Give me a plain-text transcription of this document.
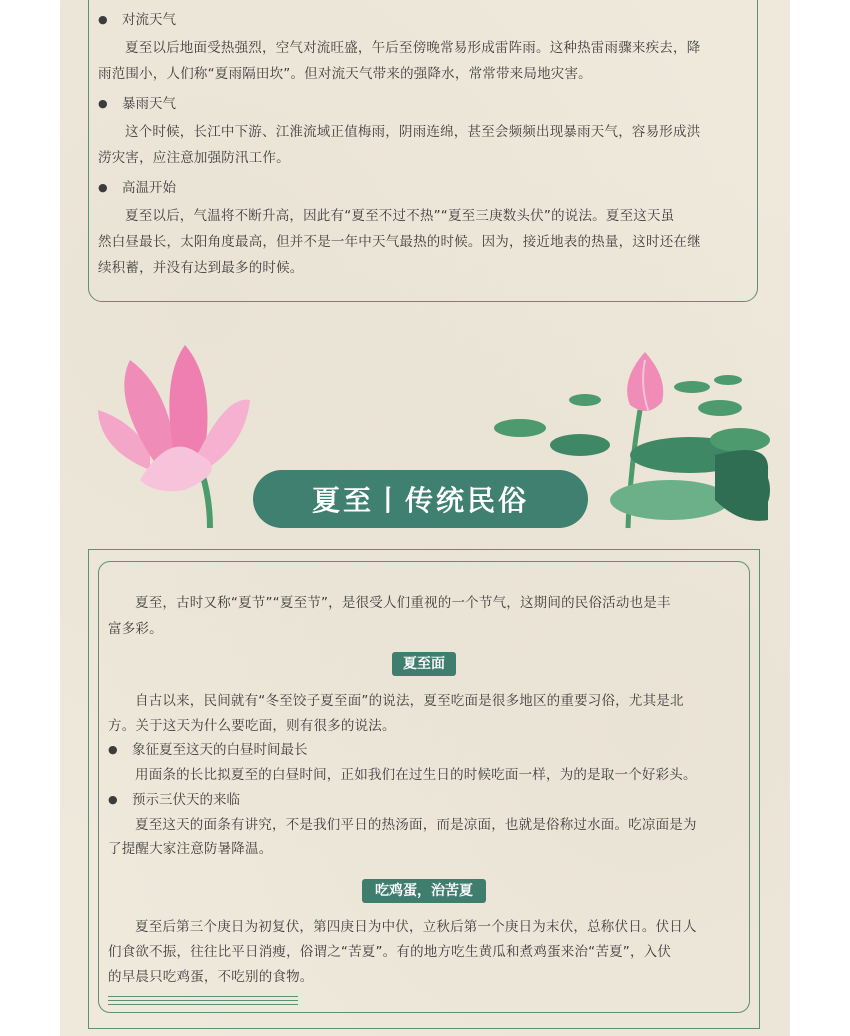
● 对流天气

夏至以后地面受热强烈，空气对流旺盛，午后至傍晚常易形成雷阵雨。这种热雷雨骤来疾去，降

雨范围小，人们称“夏雨隔田坎”。但对流天气带来的强降水，常常带来局地灾害。

● 暴雨天气

这个时候，长江中下游、江淮流域正值梅雨，阴雨连绵，甚至会频频出现暴雨天气，容易形成洪

涝灾害，应注意加强防汛工作。

● 高温开始

夏至以后，气温将不断升高，因此有“夏至不过不热”“夏至三庚数头伏”的说法。夏至这天虽

然白昼最长，太阳角度最高，但并不是一年中天气最热的时候。因为，接近地表的热量，这时还在继

续积蓄，并没有达到最多的时候。

夏至丨传统民俗

夏至，古时又称“夏节”“夏至节”，是很受人们重视的一个节气，这期间的民俗活动也是丰

富多彩。

夏至面

自古以来，民间就有“冬至饺子夏至面”的说法，夏至吃面是很多地区的重要习俗，尤其是北

方。关于这天为什么要吃面，则有很多的说法。

● 象征夏至这天的白昼时间最长

用面条的长比拟夏至的白昼时间，正如我们在过生日的时候吃面一样，为的是取一个好彩头。

● 预示三伏天的来临

夏至这天的面条有讲究，不是我们平日的热汤面，而是凉面，也就是俗称过水面。吃凉面是为

了提醒大家注意防暑降温。

吃鸡蛋，治苦夏

夏至后第三个庚日为初复伏，第四庚日为中伏，立秋后第一个庚日为末伏，总称伏日。伏日人

们食欲不振，往往比平日消瘦，俗谓之“苦夏”。有的地方吃生黄瓜和煮鸡蛋来治“苦夏”，入伏

的早晨只吃鸡蛋，不吃别的食物。
